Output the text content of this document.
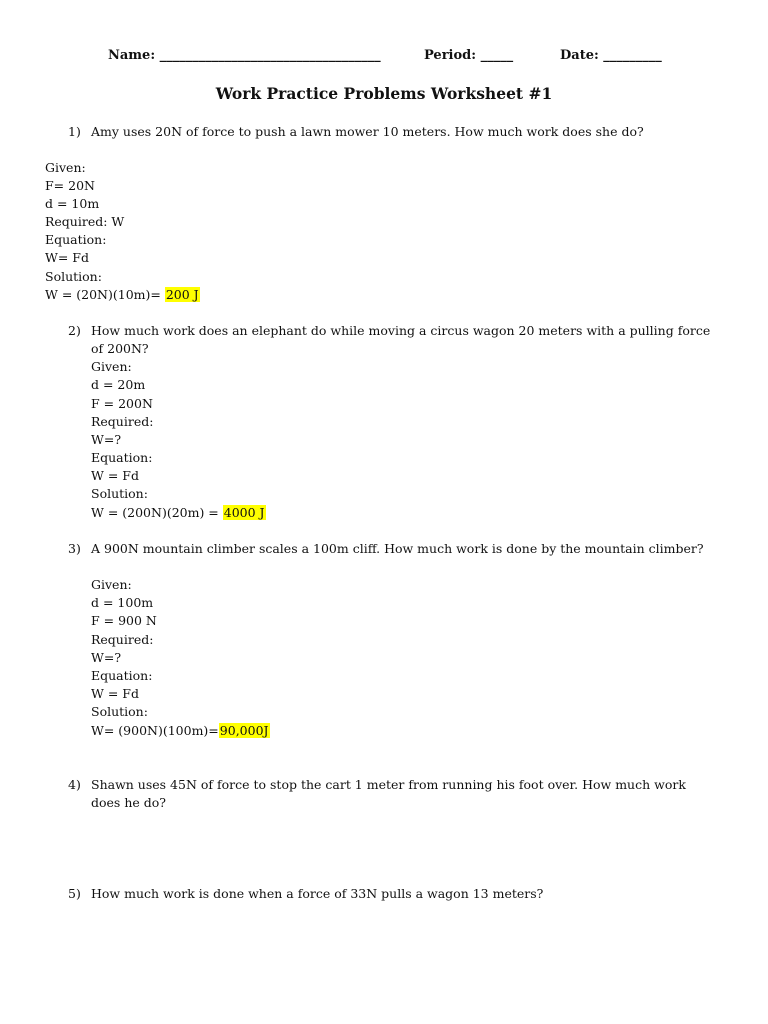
Name: __________________________________	Period: _____	Date: _________
Work Practice Problems Worksheet #1
1) Amy uses 20N of force to push a lawn mower 10 meters. How much work does she do?
Given:
F= 20N
d = 10m
Required: W
Equation:
W= Fd
Solution:
W = (20N)(10m)= 200 J
2) How much work does an elephant do while moving a circus wagon 20 meters with a pulling force
of 200N?
Given:
d = 20m
F = 200N
Required:
W=?
Equation:
W = Fd
Solution:
W = (200N)(20m) = 4000 J
3) A 900N mountain climber scales a 100m cliff. How much work is done by the mountain climber?
Given:
d = 100m
F = 900 N
Required:
W=?
Equation:
W = Fd
Solution:
W= (900N)(100m)=90,000J
4) Shawn uses 45N of force to stop the cart 1 meter from running his foot over. How much work
does he do?
5) How much work is done when a force of 33N pulls a wagon 13 meters?
